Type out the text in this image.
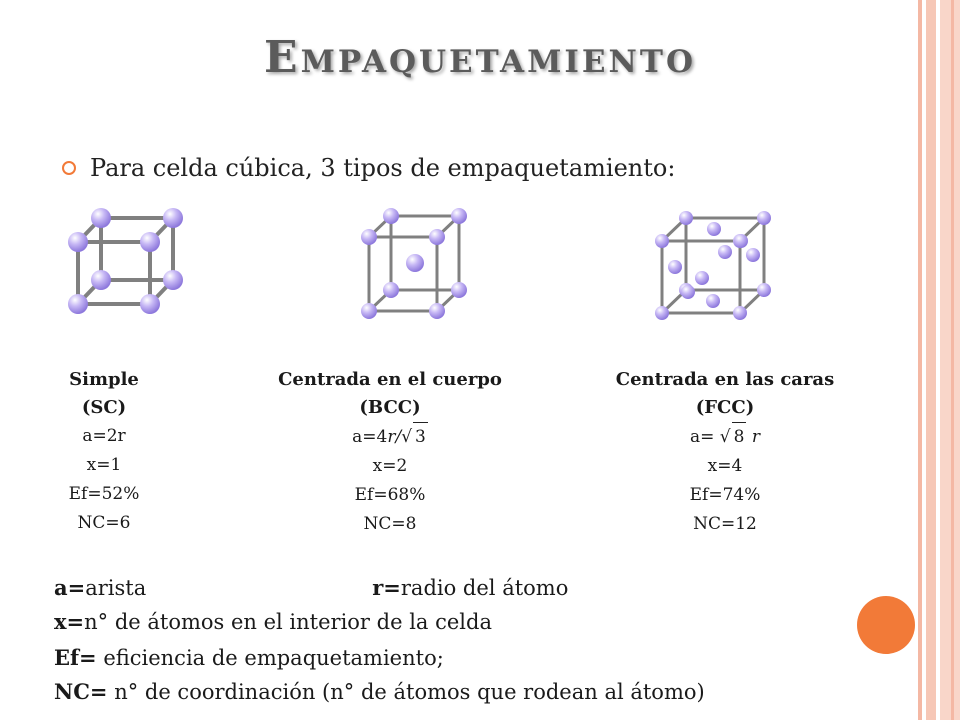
Empaquetamiento
Para celda cúbica, 3 tipos de empaquetamiento:
Simple
(SC)
a=2r
x=1
Ef=52%
NC=6
Centrada en el cuerpo
(BCC)
a=4r/√ 3
x=2
Ef=68%
NC=8
Centrada en las caras
(FCC)
a= √ 8 r
x=4
Ef=74%
NC=12
a=arista	r=radio del átomo
x=n° de átomos en el interior de la celda
Ef= eficiencia de empaquetamiento;
NC= n° de coordinación (n° de átomos que rodean al átomo)
